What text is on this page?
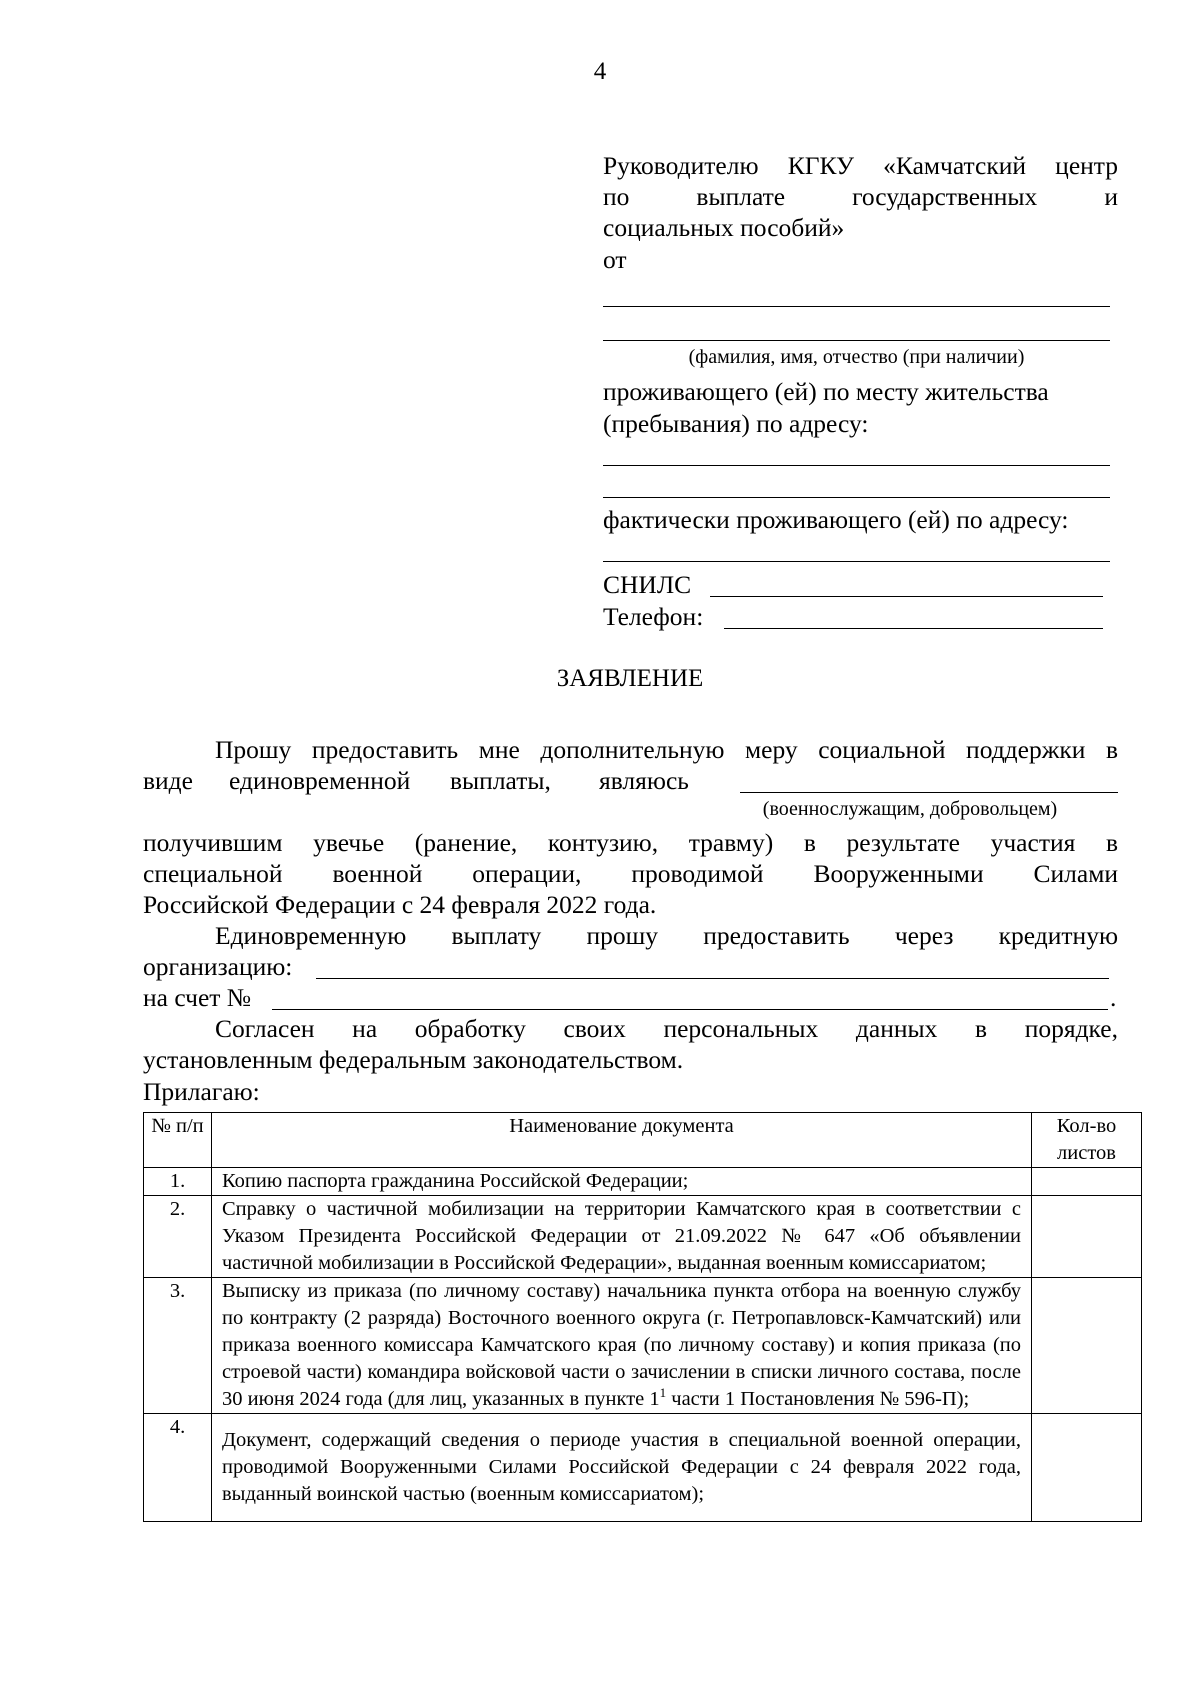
4
Руководителю КГКУ «Камчатский центр
по	выплате	государственных	и
социальных пособий»
от
(фамилия, имя, отчество (при наличии)
проживающего (ей) по месту жительства
(пребывания) по адресу:
фактически проживающего (ей) по адресу:
СНИЛС
Телефон:
ЗАЯВЛЕНИЕ
Прошу предоставить мне дополнительную меру социальной поддержки в
виде единовременной выплаты, являюсь
(военнослужащим, добровольцем)
получившим увечье (ранение, контузию, травму) в результате участия в
специальной военной операции, проводимой Вооруженными Силами
Российской Федерации с 24 февраля 2022 года.
Единовременную выплату прошу предоставить через кредитную
организацию:
на счет №	.
Согласен на обработку своих персональных данных в порядке,
установленным федеральным законодательством.
Прилагаю:
№ п/п	Наименование документа	Кол-во листов
1.	Копию паспорта гражданина Российской Федерации;	
2.	Справку о частичной мобилизации на территории Камчатского края в соответствии с Указом Президента Российской Федерации от 21.09.2022 № 647 «Об объявлении частичной мобилизации в Российской Федерации», выданная военным комиссариатом;	
3.	Выписку из приказа (по личному составу) начальника пункта отбора на военную службу по контракту (2 разряда) Восточного военного округа (г. Петропавловск-Камчатский) или приказа военного комиссара Камчатского края (по личному составу) и копия приказа (по строевой части) командира войсковой части о зачислении в списки личного состава, после 30 июня 2024 года (для лиц, указанных в пункте $1^1$ части 1 Постановления № 596-П);	
4.	Документ, содержащий сведения о периоде участия в специальной военной операции, проводимой Вооруженными Силами Российской Федерации с 24 февраля 2022 года, выданный воинской частью (военным комиссариатом);	
